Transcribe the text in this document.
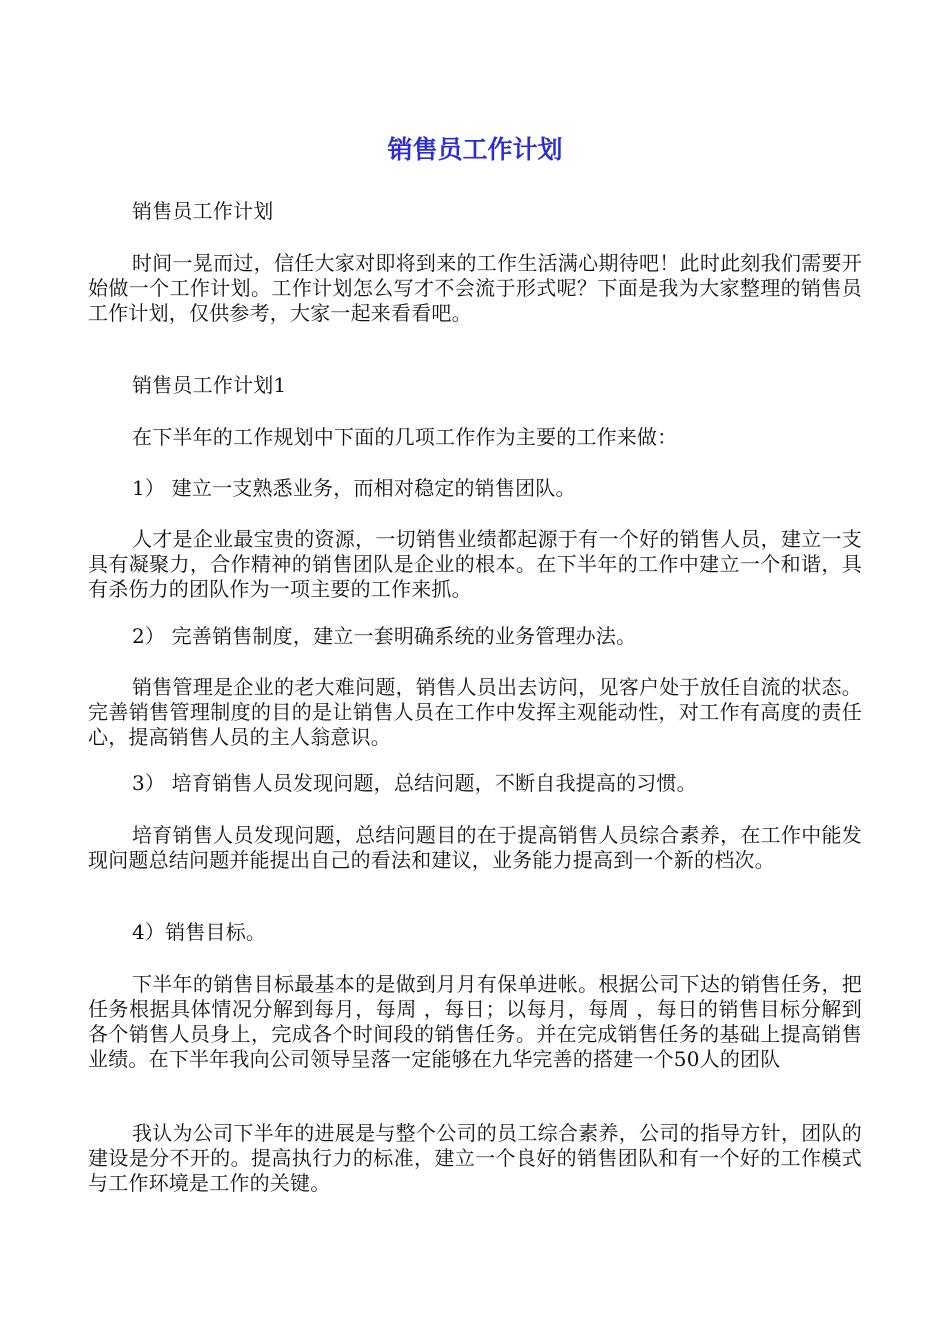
销售员工作计划

销售员工作计划

时间一晃而过，信任大家对即将到来的工作生活满心期待吧！此时此刻我们需要开始做一个工作计划。工作计划怎么写才不会流于形式呢？下面是我为大家整理的销售员工作计划，仅供参考，大家一起来看看吧。

销售员工作计划1

在下半年的工作规划中下面的几项工作作为主要的工作来做：

1） 建立一支熟悉业务，而相对稳定的销售团队。

人才是企业最宝贵的资源，一切销售业绩都起源于有一个好的销售人员，建立一支具有凝聚力，合作精神的销售团队是企业的根本。在下半年的工作中建立一个和谐，具有杀伤力的团队作为一项主要的工作来抓。

2） 完善销售制度，建立一套明确系统的业务管理办法。

销售管理是企业的老大难问题，销售人员出去访问，见客户处于放任自流的状态。完善销售管理制度的目的是让销售人员在工作中发挥主观能动性，对工作有高度的责任心，提高销售人员的主人翁意识。

3） 培育销售人员发现问题，总结问题，不断自我提高的习惯。

培育销售人员发现问题，总结问题目的在于提高销售人员综合素养，在工作中能发现问题总结问题并能提出自己的看法和建议，业务能力提高到一个新的档次。

4）销售目标。

下半年的销售目标最基本的是做到月月有保单进帐。根据公司下达的销售任务，把任务根据具体情况分解到每月，每周 ，每日；以每月，每周 ，每日的销售目标分解到各个销售人员身上，完成各个时间段的销售任务。并在完成销售任务的基础上提高销售业绩。在下半年我向公司领导呈落一定能够在九华完善的搭建一个50人的团队

我认为公司下半年的进展是与整个公司的员工综合素养，公司的指导方针，团队的建设是分不开的。提高执行力的标准，建立一个良好的销售团队和有一个好的工作模式与工作环境是工作的关键。
